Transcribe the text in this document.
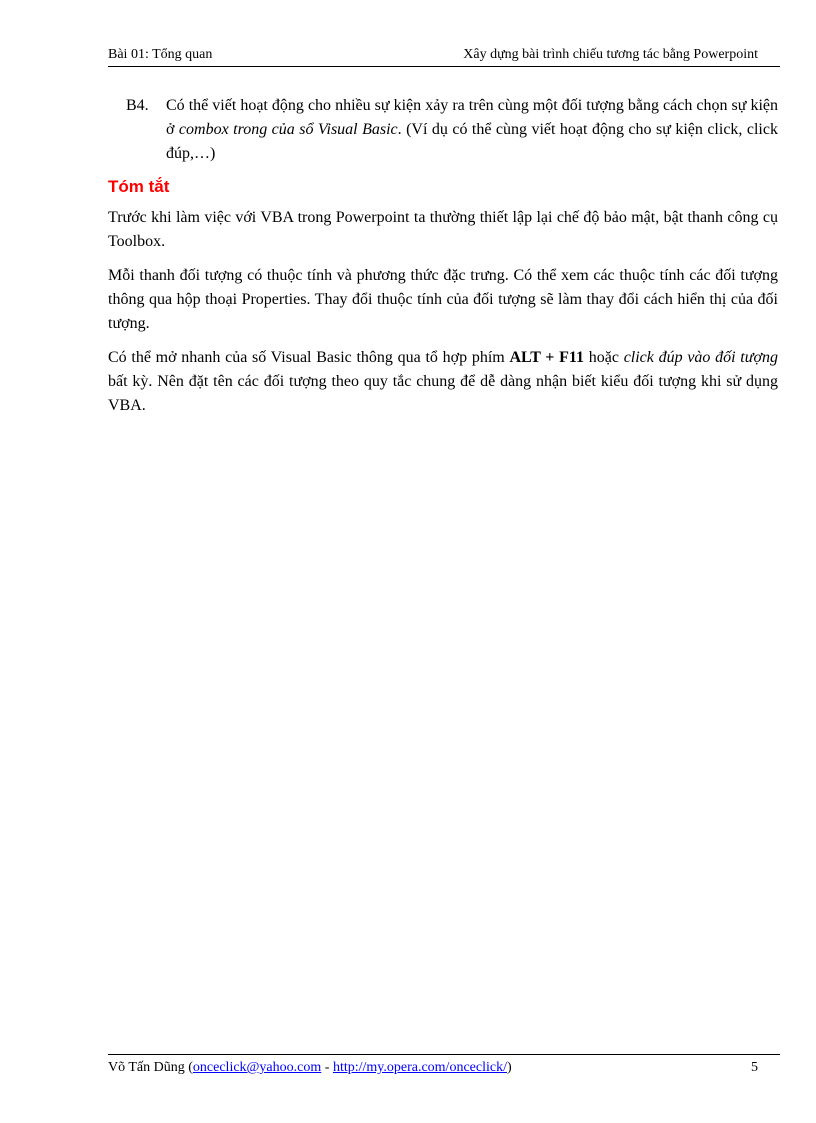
Bài 01: Tổng quan	Xây dựng bài trình chiếu tương tác bằng Powerpoint
B4. Có thể viết hoạt động cho nhiều sự kiện xảy ra trên cùng một đối tượng bằng cách chọn sự kiện ở combox trong của sổ Visual Basic. (Ví dụ có thể cùng viết hoạt động cho sự kiện click, click đúp,…)
Tóm tắt

Trước khi làm việc với VBA trong Powerpoint ta thường thiết lập lại chế độ bảo mật, bật thanh công cụ Toolbox.

Mỗi thanh đối tượng có thuộc tính và phương thức đặc trưng. Có thể xem các thuộc tính các đối tượng thông qua hộp thoại Properties. Thay đổi thuộc tính của đối tượng sẽ làm thay đổi cách hiển thị của đối tượng.

Có thể mở nhanh của số Visual Basic thông qua tổ hợp phím ALT + F11 hoặc click đúp vào đối tượng bất kỳ. Nên đặt tên các đối tượng theo quy tắc chung để dễ dàng nhận biết kiểu đối tượng khi sử dụng VBA.

Võ Tấn Dũng (onceclick@yahoo.com - http://my.opera.com/onceclick/)	5
